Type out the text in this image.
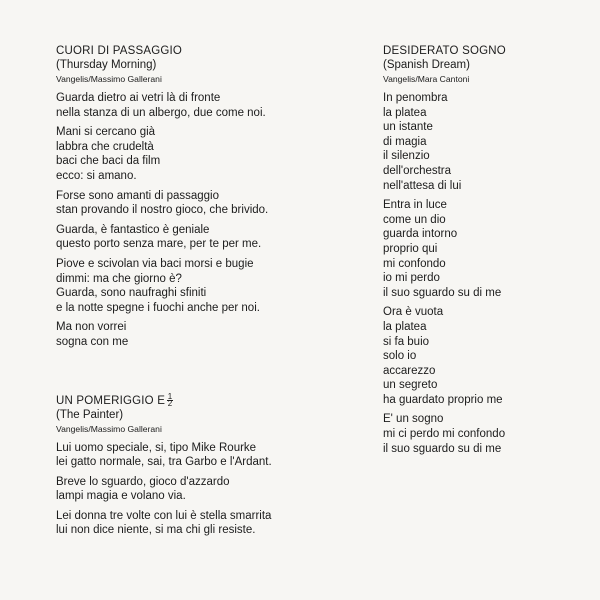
CUORI DI PASSAGGIO
(Thursday Morning)
Vangelis/Massimo Gallerani
Guarda dietro ai vetri là di fronte
nella stanza di un albergo, due come noi.
Mani si cercano già
labbra che crudeltà
baci che baci da film
ecco: si amano.
Forse sono amanti di passaggio
stan provando il nostro gioco, che brivido.
Guarda, è fantastico è geniale
questo porto senza mare, per te per me.
Piove e scivolan via baci morsi e bugie
dimmi: ma che giorno è?
Guarda, sono naufraghi sfiniti
e la notte spegne i fuochi anche per noi.
Ma non vorrei
sogna con me
UN POMERIGGIO E $\frac{1}{2}$
(The Painter)
Vangelis/Massimo Gallerani
Lui uomo speciale, si, tipo Mike Rourke
lei gatto normale, sai, tra Garbo e l'Ardant.
Breve lo sguardo, gioco d'azzardo
lampi magia e volano via.
Lei donna tre volte con lui è stella smarrita
lui non dice niente, si ma chi gli resiste.
DESIDERATO SOGNO
(Spanish Dream)
Vangelis/Mara Cantoni
In penombra
la platea
un istante
di magia
il silenzio
dell'orchestra
nell'attesa di lui
Entra in luce
come un dio
guarda intorno
proprio qui
mi confondo
io mi perdo
il suo sguardo su di me
Ora è vuota
la platea
si fa buio
solo io
accarezzo
un segreto
ha guardato proprio me
E' un sogno
mi ci perdo mi confondo
il suo sguardo su di me
